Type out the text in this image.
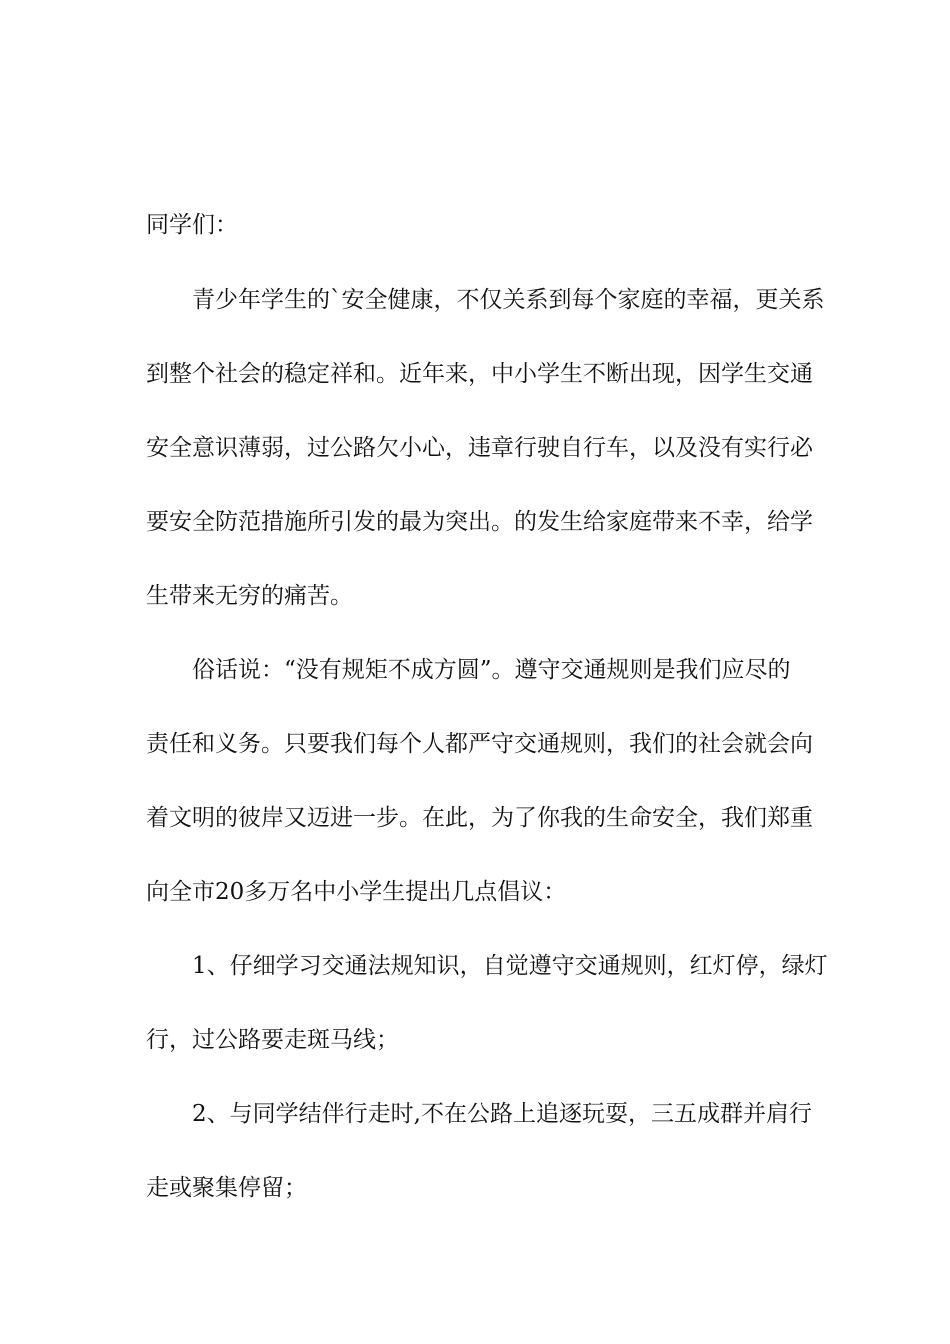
同学们：

青少年学生的`安全健康，不仅关系到每个家庭的幸福，更关系

到整个社会的稳定祥和。近年来，中小学生不断出现，因学生交通

安全意识薄弱，过公路欠小心，违章行驶自行车，以及没有实行必

要安全防范措施所引发的最为突出。的发生给家庭带来不幸，给学

生带来无穷的痛苦。

俗话说：“没有规矩不成方圆”。遵守交通规则是我们应尽的

责任和义务。只要我们每个人都严守交通规则，我们的社会就会向

着文明的彼岸又迈进一步。在此，为了你我的生命安全，我们郑重

向全市20多万名中小学生提出几点倡议：

1、仔细学习交通法规知识，自觉遵守交通规则，红灯停，绿灯

行，过公路要走斑马线；

2、与同学结伴行走时,不在公路上追逐玩耍，三五成群并肩行

走或聚集停留；
